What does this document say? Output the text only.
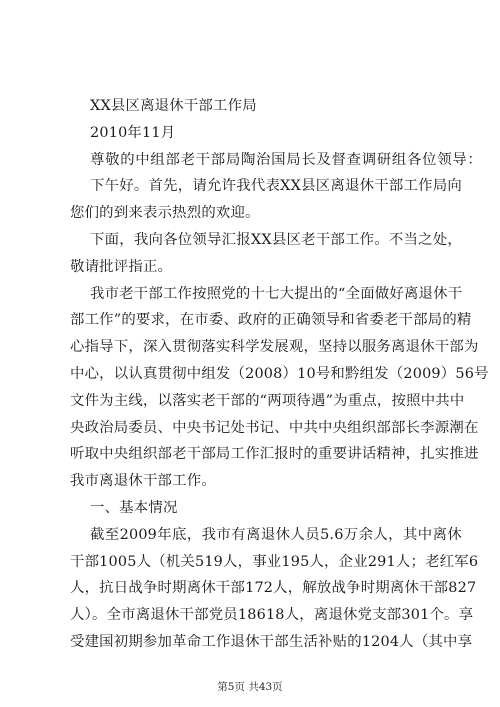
XX县区离退休干部工作局
2010年11月
尊敬的中组部老干部局陶治国局长及督查调研组各位领导：
下午好。首先，请允许我代表XX县区离退休干部工作局向
您们的到来表示热烈的欢迎。
下面，我向各位领导汇报XX县区老干部工作。不当之处，
敬请批评指正。
我市老干部工作按照党的十七大提出的“全面做好离退休干
部工作”的要求，在市委、政府的正确领导和省委老干部局的精
心指导下，深入贯彻落实科学发展观，坚持以服务离退休干部为
中心，以认真贯彻中组发（2008）10号和黔组发（2009）56号
文件为主线，以落实老干部的“两项待遇”为重点，按照中共中
央政治局委员、中央书记处书记、中共中央组织部部长李源潮在
听取中央组织部老干部局工作汇报时的重要讲话精神，扎实推进
我市离退休干部工作。
一、基本情况
截至2009年底，我市有离退休人员5.6万余人，其中离休
干部1005人（机关519人，事业195人，企业291人；老红军6
人，抗日战争时期离休干部172人，解放战争时期离休干部827
人）。全市离退休干部党员18618人，离退休党支部301个。享
受建国初期参加革命工作退休干部生活补贴的1204人（其中享
第5页 共43页
